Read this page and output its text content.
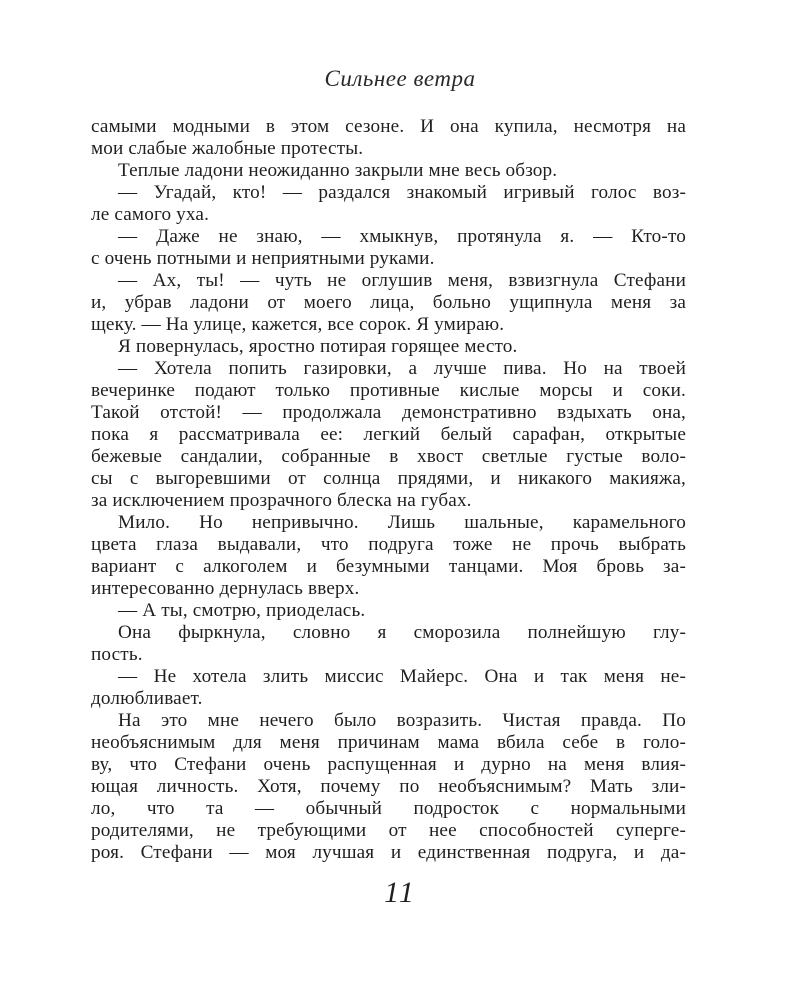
Сильнее ветра
самыми модными в этом сезоне. И она купила, несмотря на
мои слабые жалобные протесты.
Теплые ладони неожиданно закрыли мне весь обзор.
— Угадай, кто! — раздался знакомый игривый голос воз-
ле самого уха.
— Даже не знаю, — хмыкнув, протянула я. — Кто-то
с очень потными и неприятными руками.
— Ах, ты! — чуть не оглушив меня, взвизгнула Стефани
и, убрав ладони от моего лица, больно ущипнула меня за
щеку. — На улице, кажется, все сорок. Я умираю.
Я повернулась, яростно потирая горящее место.
— Хотела попить газировки, а лучше пива. Но на твоей
вечеринке подают только противные кислые морсы и соки.
Такой отстой! — продолжала демонстративно вздыхать она,
пока я рассматривала ее: легкий белый сарафан, открытые
бежевые сандалии, собранные в хвост светлые густые воло-
сы с выгоревшими от солнца прядями, и никакого макияжа,
за исключением прозрачного блеска на губах.
Мило. Но непривычно. Лишь шальные, карамельного
цвета глаза выдавали, что подруга тоже не прочь выбрать
вариант с алкоголем и безумными танцами. Моя бровь за-
интересованно дернулась вверх.
— А ты, смотрю, приоделась.
Она фыркнула, словно я сморозила полнейшую глу-
пость.
— Не хотела злить миссис Майерс. Она и так меня не-
долюбливает.
На это мне нечего было возразить. Чистая правда. По
необъяснимым для меня причинам мама вбила себе в голо-
ву, что Стефани очень распущенная и дурно на меня влия-
ющая личность. Хотя, почему по необъяснимым? Мать зли-
ло, что та — обычный подросток с нормальными
родителями, не требующими от нее способностей суперге-
роя. Стефани — моя лучшая и единственная подруга, и да-
11
